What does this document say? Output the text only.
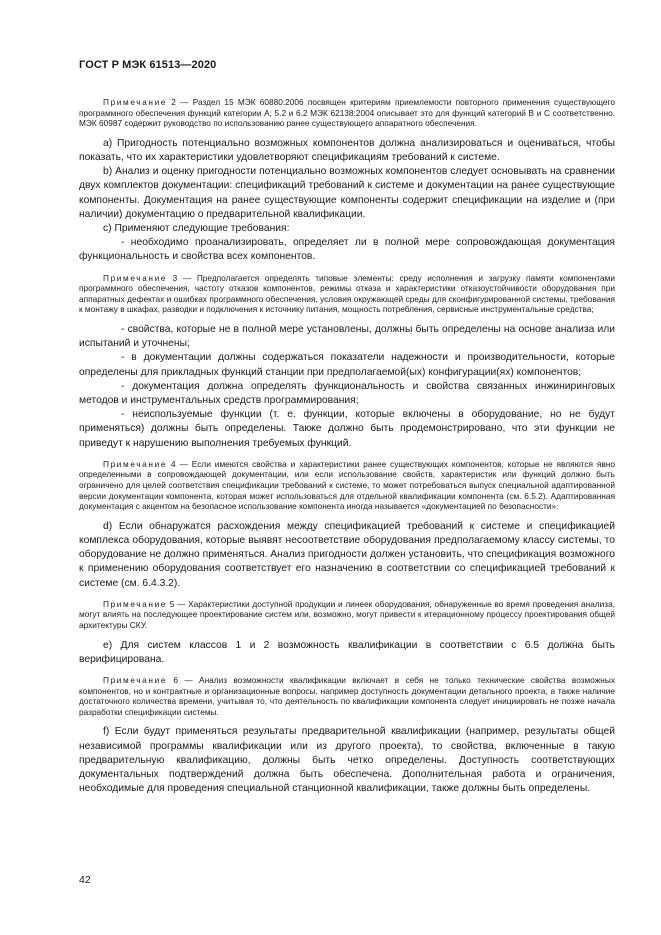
ГОСТ Р МЭК 61513—2020

Примечание 2 — Раздел 15 МЭК 60880:2006 посвящен критериям приемлемости повторного применения существующего программного обеспечения функций категории А; 5.2 и 6.2 МЭК 62138:2004 описывает это для функций категорий В и С соответственно. МЭК 60987 содержит руководство по использованию ранее существующего аппаратного обеспечения.

а) Пригодность потенциально возможных компонентов должна анализироваться и оцениваться, чтобы показать, что их характеристики удовлетворяют спецификациям требований к системе.

b) Анализ и оценку пригодности потенциально возможных компонентов следует основывать на сравнении двух комплектов документации: спецификаций требований к системе и документации на ранее существующие компоненты. Документация на ранее существующие компоненты содержит спецификации на изделие и (при наличии) документацию о предварительной квалификации.

с) Применяют следующие требования:

- необходимо проанализировать, определяет ли в полной мере сопровождающая документация функциональность и свойства всех компонентов.

Примечание 3 — Предполагается определять типовые элементы: среду исполнения и загрузку памяти компонентами программного обеспечения, частоту отказов компонентов, режимы отказа и характеристики отказоустойчивости оборудования при аппаратных дефектах и ошибках программного обеспечения, условия окружающей среды для сконфигурированной системы, требования к монтажу в шкафах, разводки и подключения к источнику питания, мощность потребления, сервисные инструментальные средства;

- свойства, которые не в полной мере установлены, должны быть определены на основе анализа или испытаний и уточнены;

- в документации должны содержаться показатели надежности и производительности, которые определены для прикладных функций станции при предполагаемой(ых) конфигурации(ях) компонентов;

- документация должна определять функциональность и свойства связанных инжиниринговых методов и инструментальных средств программирования;

- неиспользуемые функции (т. е. функции, которые включены в оборудование, но не будут применяться) должны быть определены. Также должно быть продемонстрировано, что эти функции не приведут к нарушению выполнения требуемых функций.

Примечание 4 — Если имеются свойства и характеристики ранее существующих компонентов, которые не являются явно определенными в сопровождающей документации, или если использование свойств, характеристик или функций должно быть ограничено для целей соответствия спецификации требований к системе, то может потребоваться выпуск специальной адаптированной версии документации компонента, которая может использоваться для отдельной квалификации компонента (см. 6.5.2). Адаптированная документация с акцентом на безопасное использование компонента иногда называется «документацией по безопасности».

d) Если обнаружатся расхождения между спецификацией требований к системе и спецификацией комплекса оборудования, которые выявят несоответствие оборудования предполагаемому классу системы, то оборудование не должно применяться. Анализ пригодности должен установить, что спецификация возможного к применению оборудования соответствует его назначению в соответствии со спецификацией требований к системе (см. 6.4.3.2).

Примечание 5 — Характеристики доступной продукции и линеек оборудования, обнаруженные во время проведения анализа, могут влиять на последующее проектирование систем или, возможно, могут привести к итерационному процессу проектирования общей архитектуры СКУ.

е) Для систем классов 1 и 2 возможность квалификации в соответствии с 6.5 должна быть верифицирована.

Примечание 6 — Анализ возможности квалификации включает в себя не только технические свойства возможных компонентов, но и контрактные и организационные вопросы, например доступность документации детального проекта, а также наличие достаточного количества времени, учитывая то, что деятельность по квалификации компонента следует инициировать не позже начала разработки спецификации системы.

f) Если будут применяться результаты предварительной квалификации (например, результаты общей независимой программы квалификации или из другого проекта), то свойства, включенные в такую предварительную квалификацию, должны быть четко определены. Доступность соответствующих документальных подтверждений должна быть обеспечена. Дополнительная работа и ограничения, необходимые для проведения специальной станционной квалификации, также должны быть определены.

42
